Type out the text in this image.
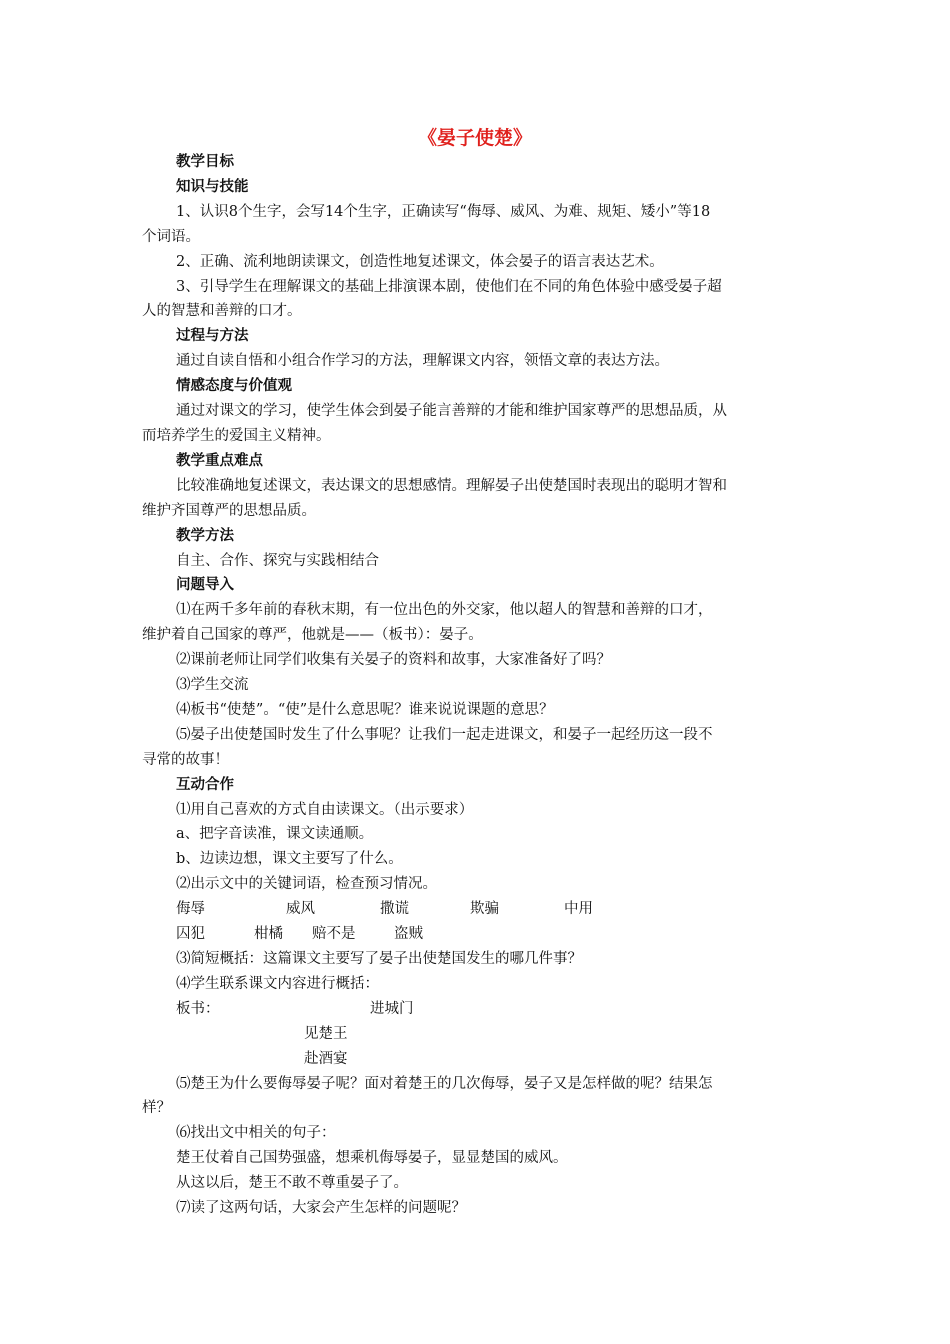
《晏子使楚》
教学目标
知识与技能
1、认识8个生字，会写14个生字，正确读写“侮辱、威风、为难、规矩、矮小”等18
个词语。
2、正确、流利地朗读课文，创造性地复述课文，体会晏子的语言表达艺术。
3、引导学生在理解课文的基础上排演课本剧，使他们在不同的角色体验中感受晏子超
人的智慧和善辩的口才。
过程与方法
通过自读自悟和小组合作学习的方法，理解课文内容，领悟文章的表达方法。
情感态度与价值观
通过对课文的学习，使学生体会到晏子能言善辩的才能和维护国家尊严的思想品质，从
而培养学生的爱国主义精神。
教学重点难点
比较准确地复述课文，表达课文的思想感情。理解晏子出使楚国时表现出的聪明才智和
维护齐国尊严的思想品质。
教学方法
自主、合作、探究与实践相结合
问题导入
⑴在两千多年前的春秋末期，有一位出色的外交家，他以超人的智慧和善辩的口才，
维护着自己国家的尊严，他就是——（板书）：晏子。
⑵课前老师让同学们收集有关晏子的资料和故事，大家准备好了吗？
⑶学生交流
⑷板书“使楚”。“使”是什么意思呢？谁来说说课题的意思？
⑸晏子出使楚国时发生了什么事呢？让我们一起走进课文，和晏子一起经历这一段不
寻常的故事！
互动合作
⑴用自己喜欢的方式自由读课文。（出示要求）
a、把字音读准，课文读通顺。
b、边读边想，课文主要写了什么。
⑵出示文中的关键词语，检查预习情况。
侮辱	威风	撒谎	欺骗	中用
囚犯	柑橘 赔不是	盗贼
⑶简短概括：这篇课文主要写了晏子出使楚国发生的哪几件事？
⑷学生联系课文内容进行概括：
板书：	进城门
见楚王
赴酒宴
⑸楚王为什么要侮辱晏子呢？面对着楚王的几次侮辱，晏子又是怎样做的呢？结果怎
样？
⑹找出文中相关的句子：
楚王仗着自己国势强盛，想乘机侮辱晏子，显显楚国的威风。
从这以后，楚王不敢不尊重晏子了。
⑺读了这两句话，大家会产生怎样的问题呢？
